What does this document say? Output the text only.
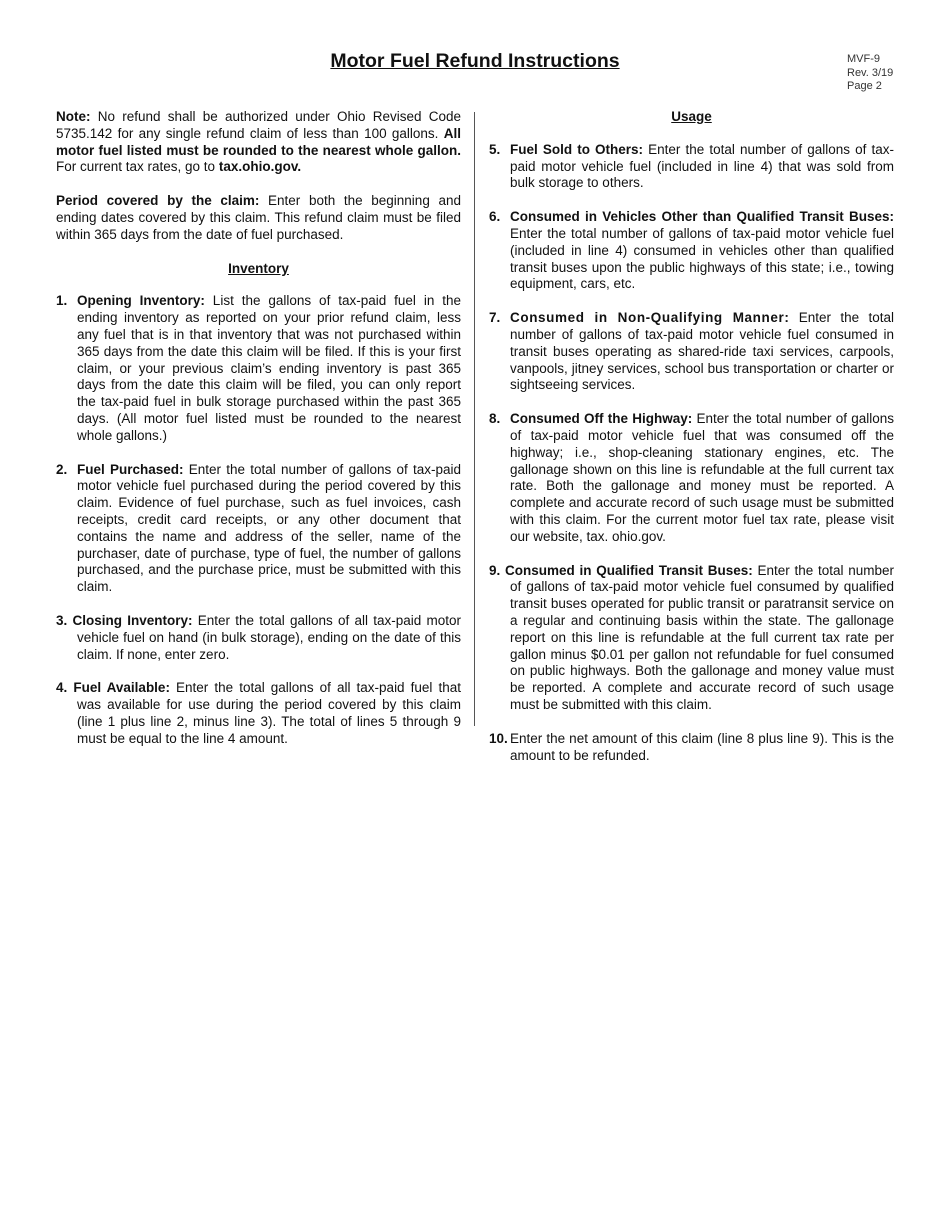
Motor Fuel Refund Instructions	MVF-9
Rev. 3/19
Page 2

Note: No refund shall be authorized under Ohio Revised Code 5735.142 for any single refund claim of less than 100 gallons. All motor fuel listed must be rounded to the nearest whole gallon. For current tax rates, go to tax.ohio.gov.

Period covered by the claim: Enter both the beginning and ending dates covered by this claim. This refund claim must be filed within 365 days from the date of fuel purchased.

Inventory
1. Opening Inventory: List the gallons of tax-paid fuel in the ending inventory as reported on your prior refund claim, less any fuel that is in that inventory that was not purchased within 365 days from the date this claim will be filed. If this is your first claim, or your previous claim’s ending inventory is past 365 days from the date this claim will be filed, you can only report the tax-paid fuel in bulk storage purchased within the past 365 days. (All motor fuel listed must be rounded to the nearest whole gallons.)
2. Fuel Purchased: Enter the total number of gallons of tax-paid motor vehicle fuel purchased during the period covered by this claim. Evidence of fuel purchase, such as fuel invoices, cash receipts, credit card receipts, or any other document that contains the name and address of the seller, name of the purchaser, date of purchase, type of fuel, the number of gallons purchased, and the purchase price, must be submitted with this claim.
3. Closing Inventory: Enter the total gallons of all tax-paid motor vehicle fuel on hand (in bulk storage), ending on the date of this claim. If none, enter zero.
4. Fuel Available: Enter the total gallons of all tax-paid fuel that was available for use during the period covered by this claim (line 1 plus line 2, minus line 3). The total of lines 5 through 9 must be equal to the line 4 amount.
Usage
5. Fuel Sold to Others: Enter the total number of gallons of tax-paid motor vehicle fuel (included in line 4) that was sold from bulk storage to others.
6. Consumed in Vehicles Other than Qualified Transit Buses: Enter the total number of gallons of tax-paid motor vehicle fuel (included in line 4) consumed in vehicles other than qualified transit buses upon the public highways of this state; i.e., towing equipment, cars, etc.
7. Consumed in Non-Qualifying Manner: Enter the total number of gallons of tax-paid motor vehicle fuel consumed in transit buses operating as shared-ride taxi services, carpools, vanpools, jitney services, school bus transportation or charter or sightseeing services.
8. Consumed Off the Highway: Enter the total number of gallons of tax-paid motor vehicle fuel that was consumed off the highway; i.e., shop-cleaning stationary engines, etc. The gallonage shown on this line is refundable at the full current tax rate. Both the gallonage and money must be reported. A complete and accurate record of such usage must be submitted with this claim. For the current motor fuel tax rate, please visit our website, tax. ohio.gov.
9. Consumed in Qualified Transit Buses: Enter the total number of gallons of tax-paid motor vehicle fuel consumed by qualified transit buses operated for public transit or paratransit service on a regular and continuing basis within the state. The gallonage report on this line is refundable at the full current tax rate per gallon minus $0.01 per gallon not refundable for fuel consumed on public highways. Both the gallonage and money value must be reported. A complete and accurate record of such usage must be submitted with this claim.
10. Enter the net amount of this claim (line 8 plus line 9). This is the amount to be refunded.
